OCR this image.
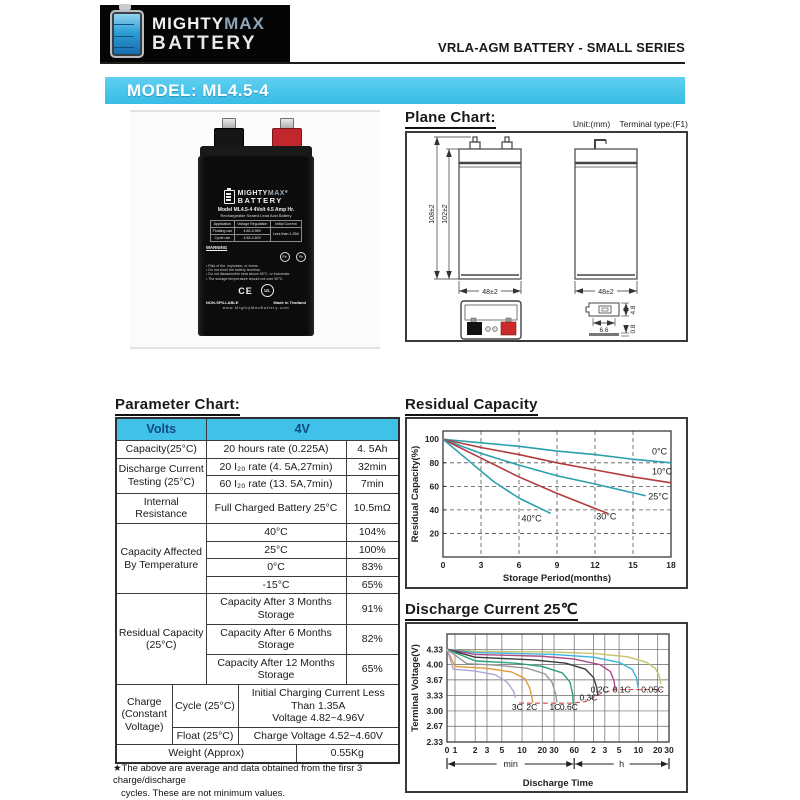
MIGHTYMAX
BATTERY	VRLA-AGM BATTERY - SMALL SERIES
MODEL: ML4.5-4
MIGHTYMAX®
BATTERY
Model ML4.5-4 4Volt 4.5 Amp Hr.
Rechargeable Sealed Lead Acid Battery
Application	Voltage Regulation	Initial Current
Floating use	4.82-4.96V	Less than 1.35A
Cycle use	4.52-4.60V	
WARNING
Pb	Pb
• Risk of fire, explosion, or burns.
• Do not short the battery terminal.
• Do not disassemble heat above 45°C, or incinerate.
• The storage temperature should not over 50°C.
CE	UL
NON-SPILLABLE	Made in Thailand
www.MightyMaxBattery.com
Plane Chart:	Unit:(mm) Terminal type:(F1)
108±2 102±2
48±2	48±2
4.8
6.6	0.8
Parameter Chart:
Volts		4V			
Capacity(25°C)		20 hours rate (0.225A)			4. 5Ah
Discharge Current Testing (25°C)		20 I₂₀ rate (4. 5A,27min)			32min
		60 I₂₀ rate (13. 5A,7min)			7min
Internal Resistance		Full Charged Battery 25°C			10.5mΩ
Capacity Affected By Temperature		40°C			104%
		25°C			100%
		0°C			83%
		-15°C			65%
Residual Capacity (25°C)		Capacity After 3 Months Storage			91%
		Capacity After 6 Months Storage			82%
		Capacity After 12 Months Storage			65%
Charge (Constant Voltage)	Cycle (25°C)		Initial Charging Current Less Than 1.35A
Voltage 4.82~4.96V		
	Float (25°C)		Charge Voltage 4.52~4.60V		
Weight (Approx)				0.55Kg	
★The above are average and data obtained from the firsr 3 charge/discharge
cycles. These are not minimum values.
Residual Capacity
0	3	6	9	12	15	18
20
40
60
80
100
0°C
10°C
25°C
30°C
40°C
Storage Period(months)
Residual Capacity(%)
Discharge Current 25℃
4.33
4.00
3.67
3.33
3.00
2.67
2.33
0 1 2 3 5 10 20 30 60 2 3 5 10 20 30
3C 2C 1C 0.6C
0.3C
0.2C 0.1C 0.05C
min	h
Discharge Time
Terminal Voltage(V)
